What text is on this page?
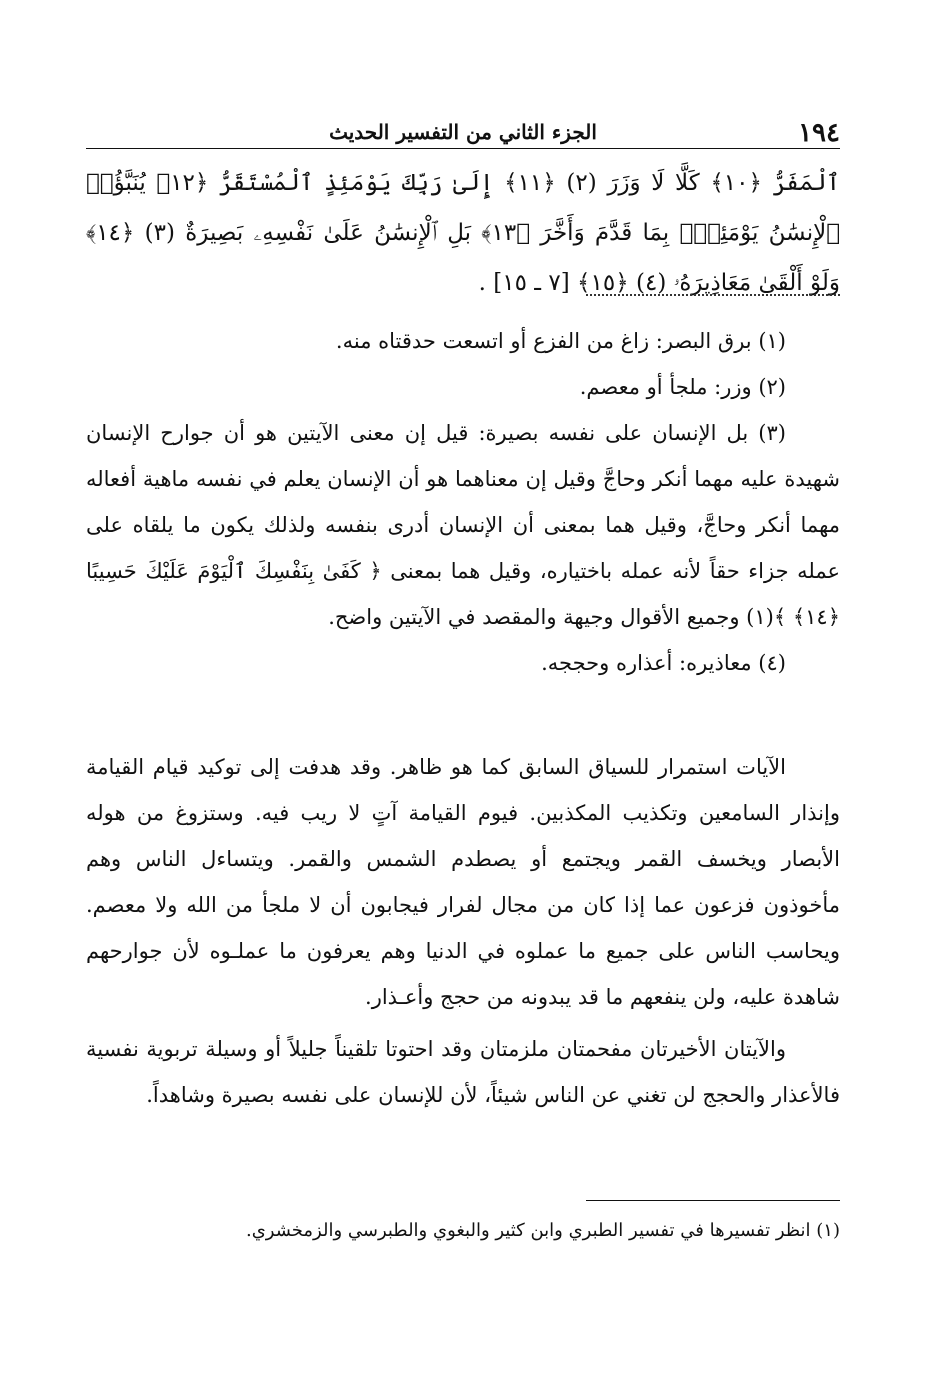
١٩٤
الجزء الثاني من التفسير الحديث
ٱلْمَفَرُّ ﴿١٠﴾ كَلَّا لَا وَزَرَ (٢) ﴿١١﴾ إِلَىٰ رَبِّكَ يَوْمَئِذٍ ٱلْمُسْتَقَرُّ ﴿١٢﴾ يُنَبَّؤُا۟ ٱلْإِنسَٰنُ يَوْمَئِذٍۭ بِمَا قَدَّمَ وَأَخَّرَ ﴿١٣﴾ بَلِ ٱلْإِنسَٰنُ عَلَىٰ نَفْسِهِۦ بَصِيرَةٌ (٣) ﴿١٤﴾ وَلَوْ أَلْقَىٰ مَعَاذِيرَهُۥ (٤) ﴿١٥﴾ [٧ ـ ١٥] .

(١) برق البصر: زاغ من الفزع أو اتسعت حدقتاه منه.

(٢) وزر: ملجأ أو معصم.

(٣) بل الإنسان على نفسه بصيرة: قيل إن معنى الآيتين هو أن جوارح الإنسان شهيدة عليه مهما أنكر وحاجَّ وقيل إن معناهما هو أن الإنسان يعلم في نفسه ماهية أفعاله مهما أنكر وحاجَّ، وقيل هما بمعنى أن الإنسان أدرى بنفسه ولذلك يكون ما يلقاه على عمله جزاء حقاً لأنه عمله باختياره، وقيل هما بمعنى ﴿ كَفَىٰ بِنَفْسِكَ ٱلْيَوْمَ عَلَيْكَ حَسِيبًا ﴿١٤﴾ ﴾(١) وجميع الأقوال وجيهة والمقصد في الآيتين واضح.

(٤) معاذيره: أعذاره وحججه.

الآيات استمرار للسياق السابق كما هو ظاهر. وقد هدفت إلى توكيد قيام القيامة وإنذار السامعين وتكذيب المكذبين. فيوم القيامة آتٍ لا ريب فيه. وستزوغ من هوله الأبصار ويخسف القمر ويجتمع أو يصطدم الشمس والقمر. ويتساءل الناس وهم مأخوذون فزعون عما إذا كان من مجال لفرار فيجابون أن لا ملجأ من الله ولا معصم. ويحاسب الناس على جميع ما عملوه في الدنيا وهم يعرفون ما عملـوه لأن جوارحهم شاهدة عليه، ولن ينفعهم ما قد يبدونه من حجج وأعـذار.

والآيتان الأخيرتان مفحمتان ملزمتان وقد احتوتا تلقيناً جليلاً أو وسيلة تربوية نفسية فالأعذار والحجج لن تغني عن الناس شيئاً، لأن للإنسان على نفسه بصيرة وشاهداً.

(١) انظر تفسيرها في تفسير الطبري وابن كثير والبغوي والطبرسي والزمخشري.
